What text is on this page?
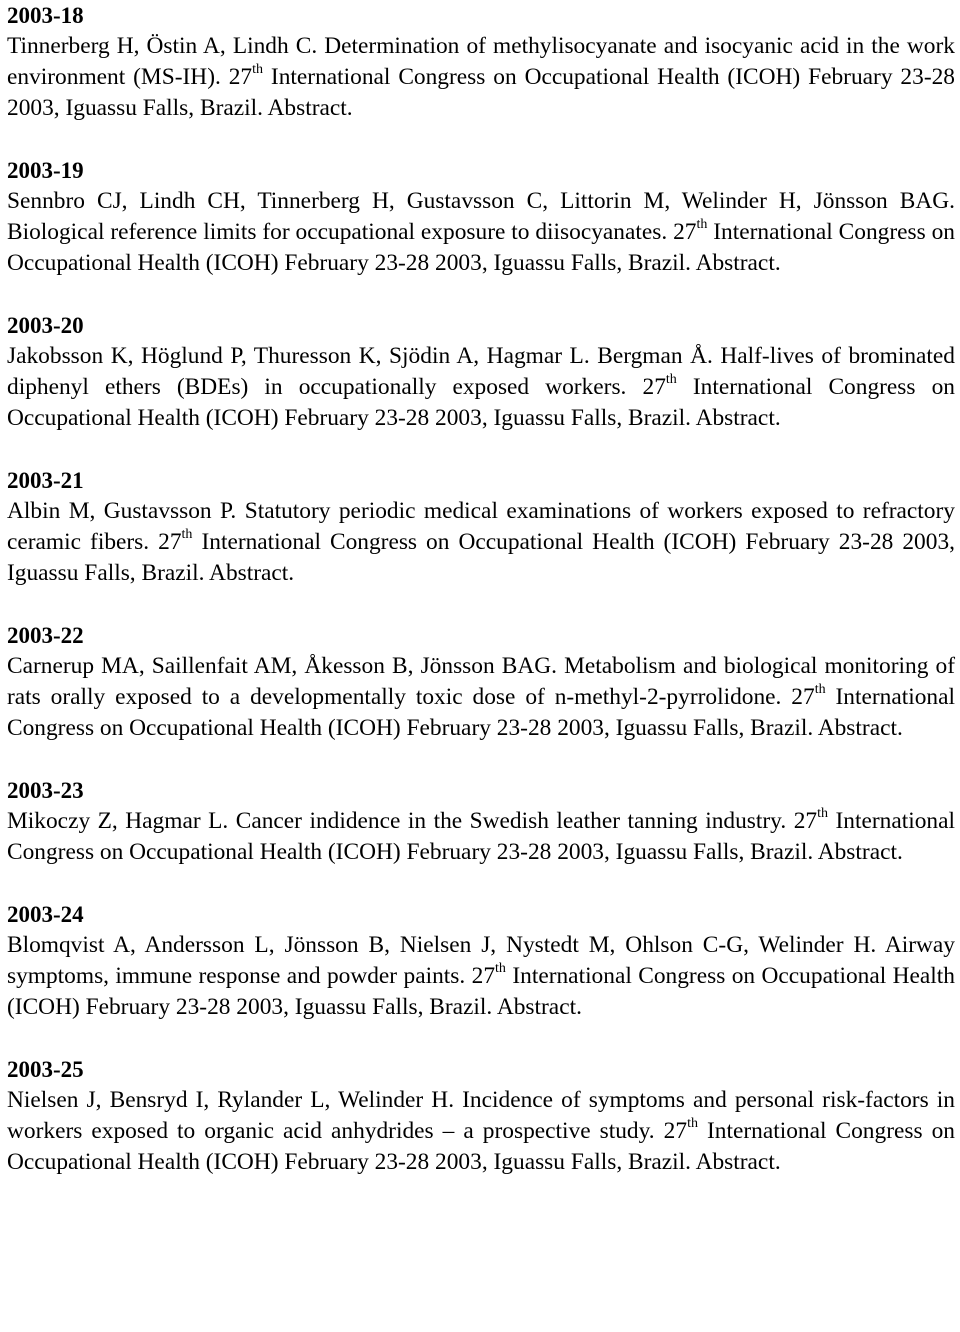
2003-18
Tinnerberg H, Östin A, Lindh C. Determination of methylisocyanate and isocyanic acid in the work environment (MS-IH). 27th International Congress on Occupational Health (ICOH) February 23-28 2003, Iguassu Falls, Brazil. Abstract.
2003-19
Sennbro CJ, Lindh CH, Tinnerberg H, Gustavsson C, Littorin M, Welinder H, Jönsson BAG. Biological reference limits for occupational exposure to diisocyanates. 27th International Congress on Occupational Health (ICOH) February 23-28 2003, Iguassu Falls, Brazil. Abstract.
2003-20
Jakobsson K, Höglund P, Thuresson K, Sjödin A, Hagmar L. Bergman Å. Half-lives of brominated diphenyl ethers (BDEs) in occupationally exposed workers. 27th International Congress on Occupational Health (ICOH) February 23-28 2003, Iguassu Falls, Brazil. Abstract.
2003-21
Albin M, Gustavsson P. Statutory periodic medical examinations of workers exposed to refractory ceramic fibers. 27th International Congress on Occupational Health (ICOH) February 23-28 2003, Iguassu Falls, Brazil. Abstract.
2003-22
Carnerup MA, Saillenfait AM, Åkesson B, Jönsson BAG. Metabolism and biological monitoring of rats orally exposed to a developmentally toxic dose of n-methyl-2-pyrrolidone. 27th International Congress on Occupational Health (ICOH) February 23-28 2003, Iguassu Falls, Brazil. Abstract.
2003-23
Mikoczy Z, Hagmar L. Cancer indidence in the Swedish leather tanning industry. 27th International Congress on Occupational Health (ICOH) February 23-28 2003, Iguassu Falls, Brazil. Abstract.
2003-24
Blomqvist A, Andersson L, Jönsson B, Nielsen J, Nystedt M, Ohlson C-G, Welinder H. Airway symptoms, immune response and powder paints. 27th International Congress on Occupational Health (ICOH) February 23-28 2003, Iguassu Falls, Brazil. Abstract.
2003-25
Nielsen J, Bensryd I, Rylander L, Welinder H. Incidence of symptoms and personal risk-factors in workers exposed to organic acid anhydrides – a prospective study. 27th International Congress on Occupational Health (ICOH) February 23-28 2003, Iguassu Falls, Brazil. Abstract.
